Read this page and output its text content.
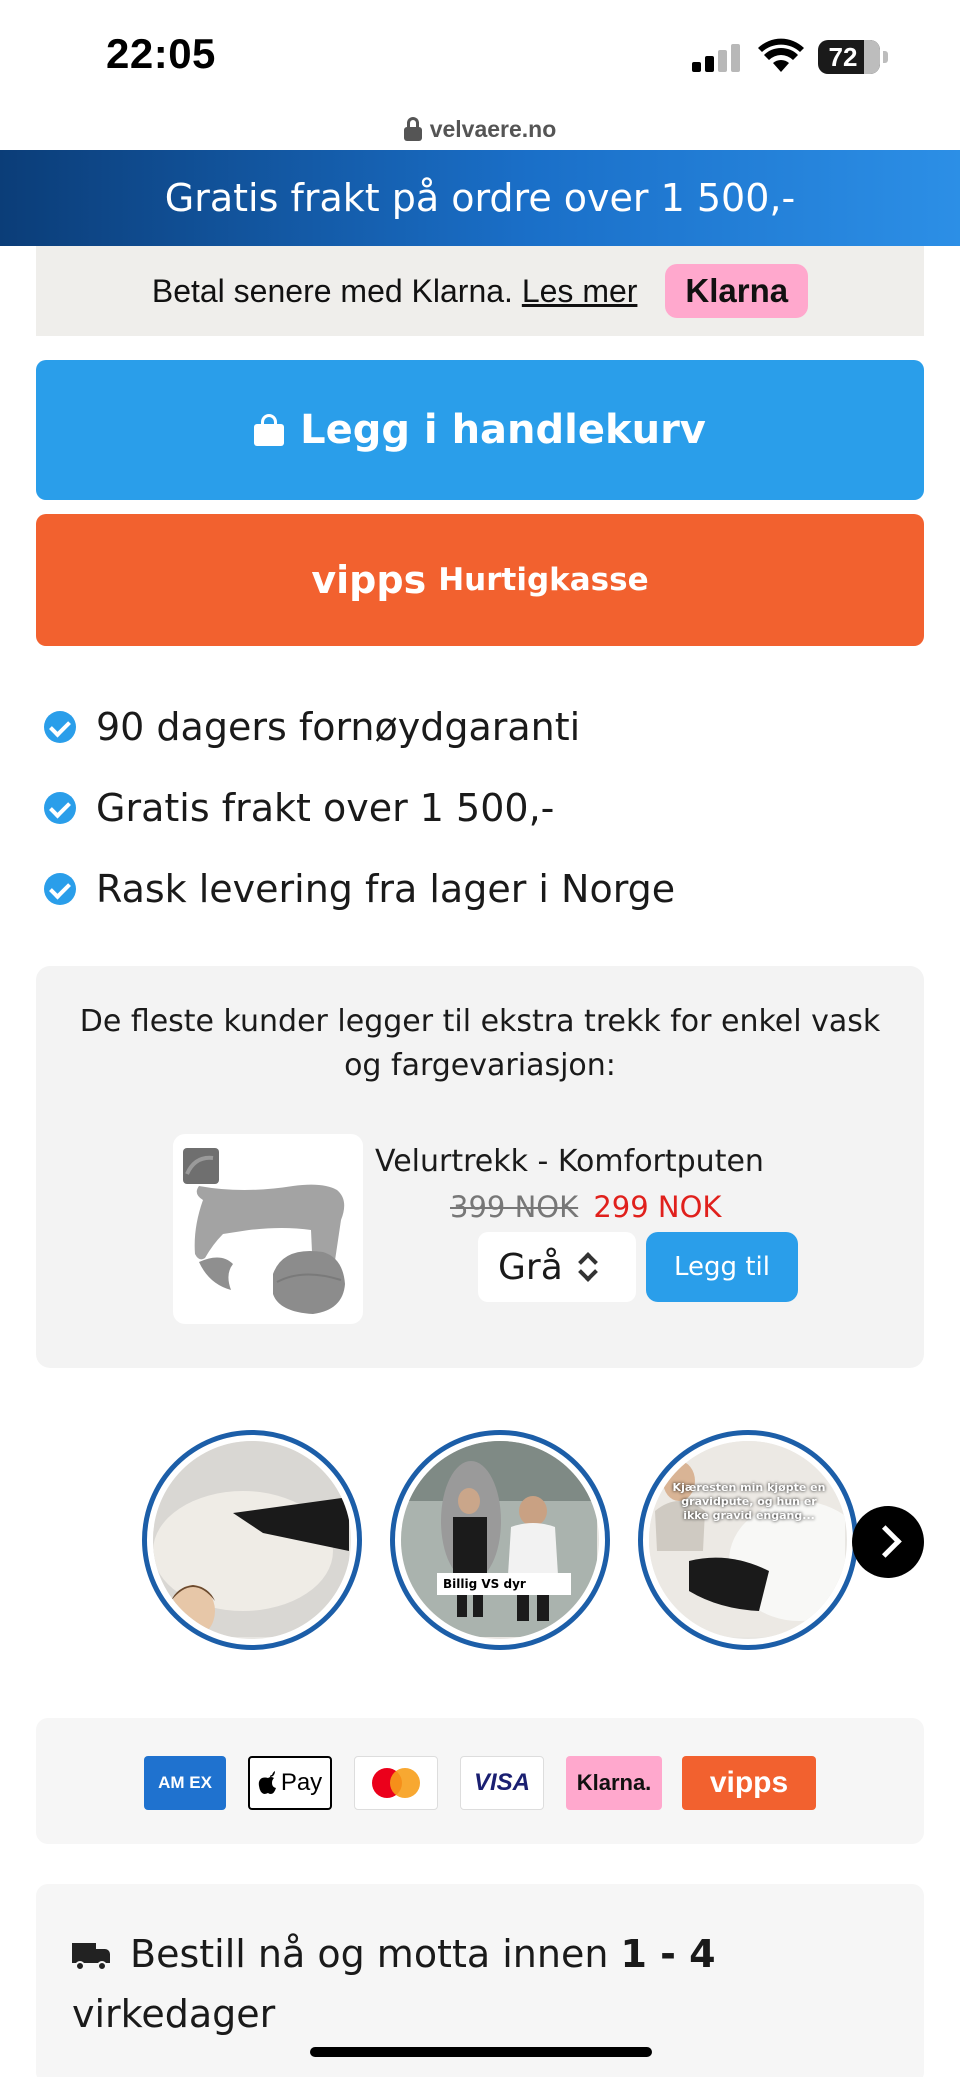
22:05	72
velvaere.no
Gratis frakt på ordre over 1 500,-
Betal senere med Klarna. Les mer	Klarna
Legg i handlekurv
vipps Hurtigkasse
90 dagers fornøydgaranti
Gratis frakt over 1 500,-
Rask levering fra lager i Norge
De fleste kunder legger til ekstra trekk for enkel vask og fargevariasjon:
Velurtrekk - Komfortputen
399 NOK 299 NOK
Grå	Legg til
Billig VS dyr
Kjæresten min kjøpte en gravidpute, og hun er ikke gravid engang...
AM EX	Pay	VISA	Klarna.	vipps
Bestill nå og motta innen 1 - 4 virkedager
